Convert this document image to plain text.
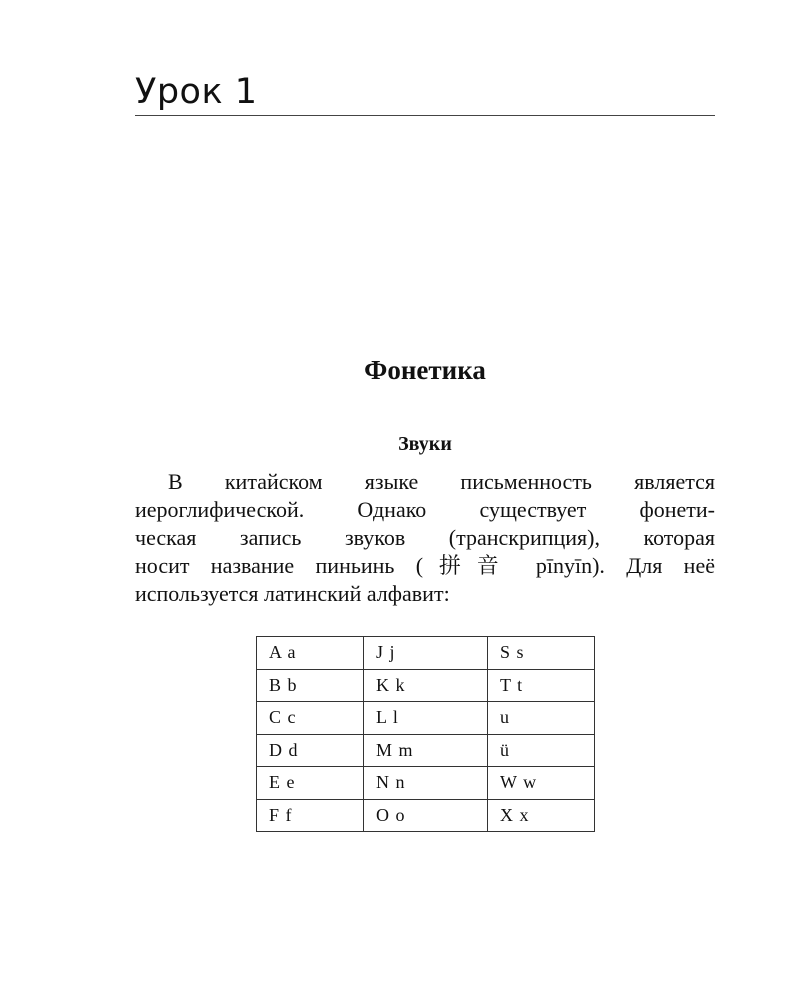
Урок 1
Фонетика
Звуки

В китайском языке письменность является
иероглифической. Однако существует фонети-
ческая запись звуков (транскрипция), которая
носит название пиньинь (拼音 pīnyīn). Для неё
используется латинский алфавит:

A a	J j	S s
B b	K k	T t
C c	L l	u
D d	M m	ü
E e	N n	W w
F f	O o	X x
